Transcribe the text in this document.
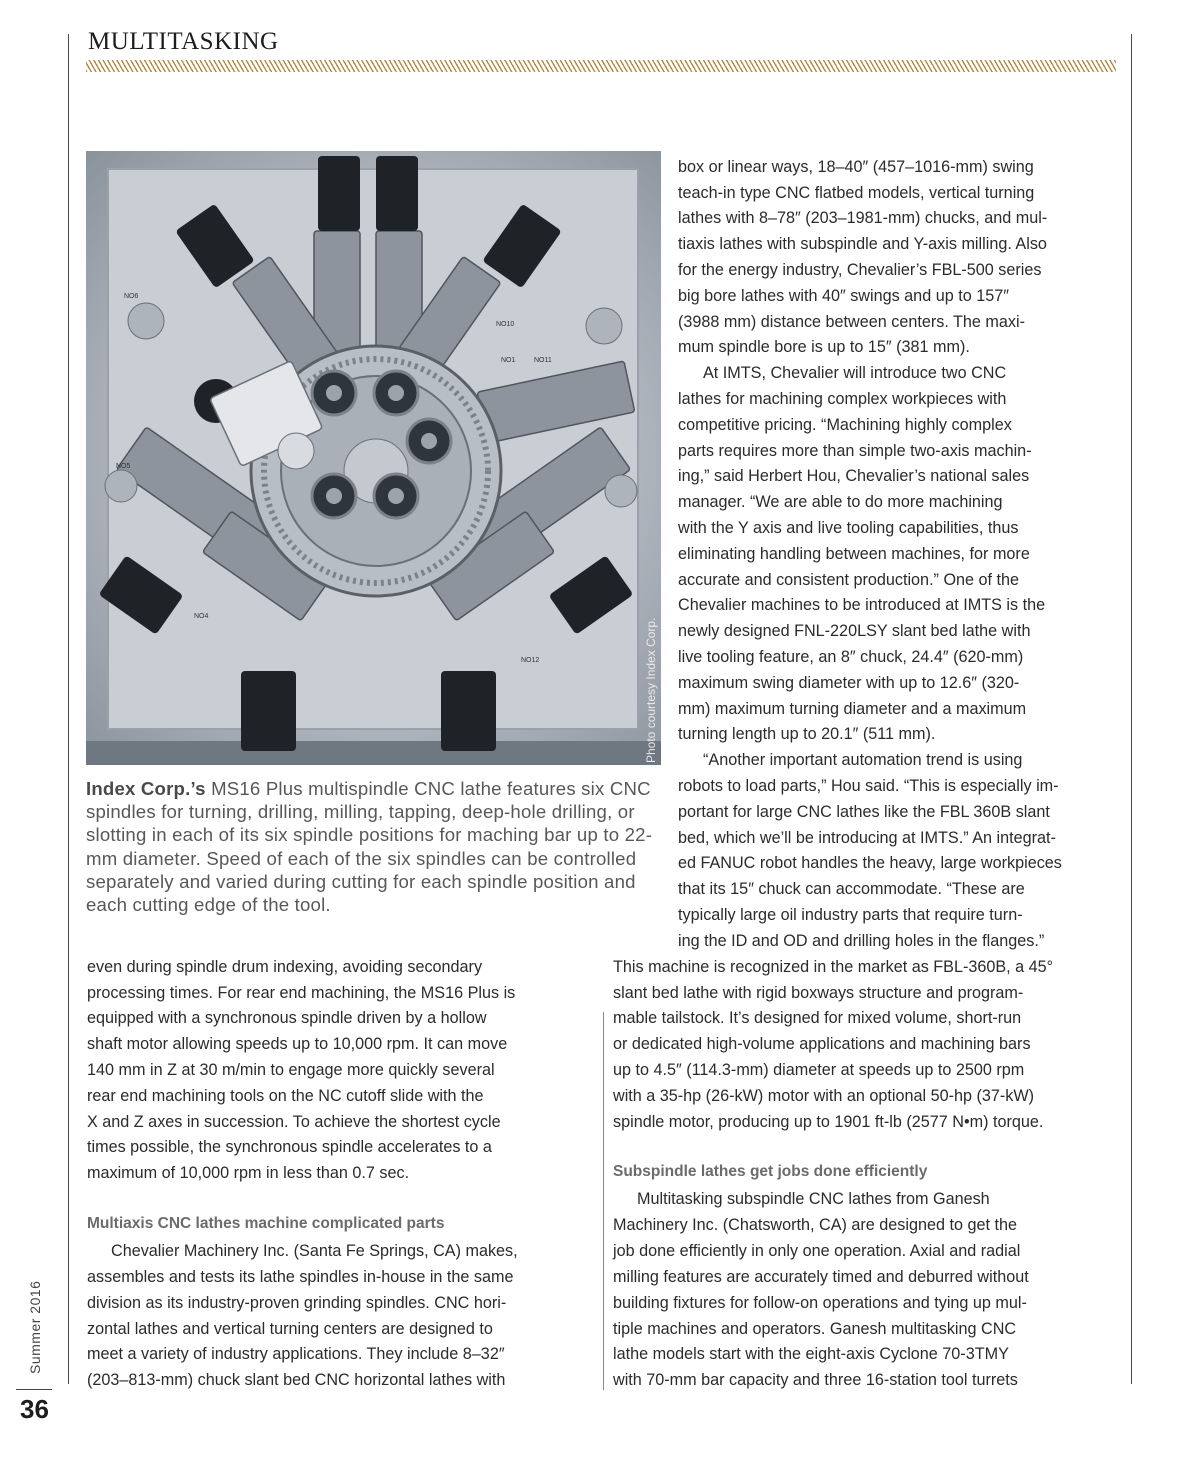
MULTITASKING
NO1
NO6
NO5
NO4
NO10
NO11
NO12	Photo courtesy Index Corp.
Index Corp.’s MS16 Plus multispindle CNC lathe features six CNC spindles for turning, drilling, milling, tapping, deep-hole drilling, or slotting in each of its six spindle positions for maching bar up to 22-mm diameter. Speed of each of the six spindles can be controlled separately and varied during cutting for each spindle position and each cutting edge of the tool.
box or linear ways, 18–40″ (457–1016-mm) swing
teach-in type CNC flatbed models, vertical turning
lathes with 8–78″ (203–1981-mm) chucks, and mul-
tiaxis lathes with subspindle and Y-axis milling. Also
for the energy industry, Chevalier’s FBL-500 series
big bore lathes with 40″ swings and up to 157″
(3988 mm) distance between centers. The maxi-
mum spindle bore is up to 15″ (381 mm).
At IMTS, Chevalier will introduce two CNC
lathes for machining complex workpieces with
competitive pricing. “Machining highly complex
parts requires more than simple two-axis machin-
ing,” said Herbert Hou, Chevalier’s national sales
manager. “We are able to do more machining
with the Y axis and live tooling capabilities, thus
eliminating handling between machines, for more
accurate and consistent production.” One of the
Chevalier machines to be introduced at IMTS is the
newly designed FNL-220LSY slant bed lathe with
live tooling feature, an 8″ chuck, 24.4″ (620-mm)
maximum swing diameter with up to 12.6″ (320-
mm) maximum turning diameter and a maximum
turning length up to 20.1″ (511 mm).
“Another important automation trend is using
robots to load parts,” Hou said. “This is especially im-
portant for large CNC lathes like the FBL 360B slant
bed, which we’ll be introducing at IMTS.” An integrat-
ed FANUC robot handles the heavy, large workpieces
that its 15″ chuck can accommodate. “These are
typically large oil industry parts that require turn-
ing the ID and OD and drilling holes in the flanges.”
even during spindle drum indexing, avoiding secondary
processing times. For rear end machining, the MS16 Plus is
equipped with a synchronous spindle driven by a hollow
shaft motor allowing speeds up to 10,000 rpm. It can move
140 mm in Z at 30 m/min to engage more quickly several
rear end machining tools on the NC cutoff slide with the
X and Z axes in succession. To achieve the shortest cycle
times possible, the synchronous spindle accelerates to a
maximum of 10,000 rpm in less than 0.7 sec.
Multiaxis CNC lathes machine complicated parts
Chevalier Machinery Inc. (Santa Fe Springs, CA) makes,
assembles and tests its lathe spindles in-house in the same
division as its industry-proven grinding spindles. CNC hori-
zontal lathes and vertical turning centers are designed to
meet a variety of industry applications. They include 8–32″
(203–813-mm) chuck slant bed CNC horizontal lathes with
This machine is recognized in the market as FBL-360B, a 45°
slant bed lathe with rigid boxways structure and program-
mable tailstock. It’s designed for mixed volume, short-run
or dedicated high-volume applications and machining bars
up to 4.5″ (114.3-mm) diameter at speeds up to 2500 rpm
with a 35-hp (26-kW) motor with an optional 50-hp (37-kW)
spindle motor, producing up to 1901 ft-lb (2577 N•m) torque.
Subspindle lathes get jobs done efficiently
Multitasking subspindle CNC lathes from Ganesh
Machinery Inc. (Chatsworth, CA) are designed to get the
job done efficiently in only one operation. Axial and radial
milling features are accurately timed and deburred without
building fixtures for follow-on operations and tying up mul-
tiple machines and operators. Ganesh multitasking CNC
lathe models start with the eight-axis Cyclone 70-3TMY
with 70-mm bar capacity and three 16-station tool turrets
Summer 2016
36
